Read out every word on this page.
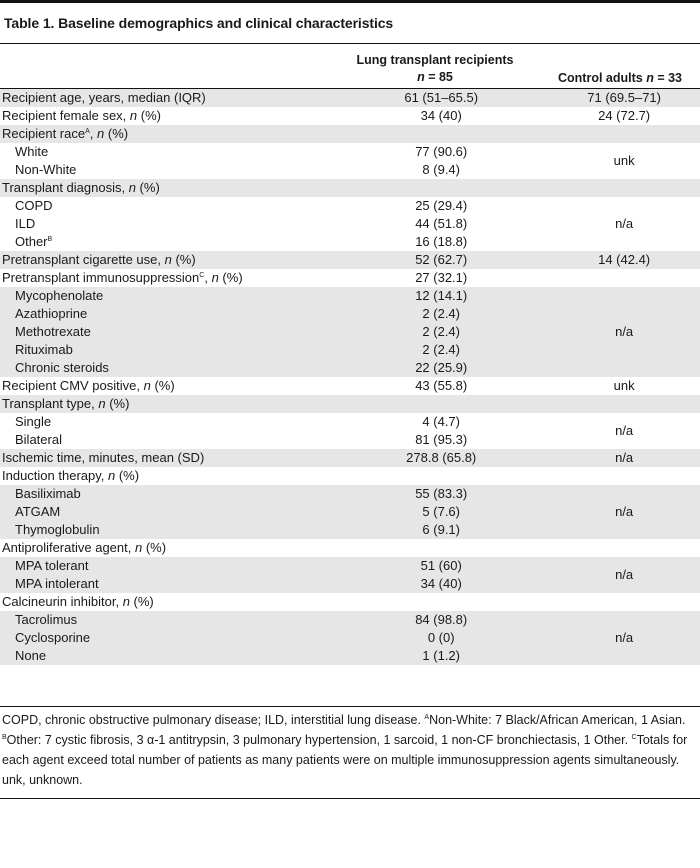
Table 1. Baseline demographics and clinical characteristics
Lung transplant recipients
n = 85	Control adults n = 33
Recipient age, years, median (IQR)	61 (51–65.5)	71 (69.5–71)
Recipient female sex, n (%)	34 (40)	24 (72.7)
Recipient race$^A$, n (%)		
White	77 (90.6)	unk
Non-White	8 (9.4)	
Transplant diagnosis, n (%)		
COPD	25 (29.4)	n/a
ILD	44 (51.8)	
Other$^B$	16 (18.8)	
Pretransplant cigarette use, n (%)	52 (62.7)	14 (42.4)
Pretransplant immunosuppression$^C$, n (%)	27 (32.1)	
Mycophenolate	12 (14.1)	n/a
Azathioprine	2 (2.4)	
Methotrexate	2 (2.4)	
Rituximab	2 (2.4)	
Chronic steroids	22 (25.9)	
Recipient CMV positive, n (%)	43 (55.8)	unk
Transplant type, n (%)		
Single	4 (4.7)	n/a
Bilateral	81 (95.3)	
Ischemic time, minutes, mean (SD)	278.8 (65.8)	n/a
Induction therapy, n (%)		
Basiliximab	55 (83.3)	n/a
ATGAM	5 (7.6)	
Thymoglobulin	6 (9.1)	
Antiproliferative agent, n (%)		
MPA tolerant	51 (60)	n/a
MPA intolerant	34 (40)	
Calcineurin inhibitor, n (%)		
Tacrolimus	84 (98.8)	n/a
Cyclosporine	0 (0)	
None	1 (1.2)	
COPD, chronic obstructive pulmonary disease; ILD, interstitial lung disease. $^A$Non-White: 7 Black/African American, 1 Asian. $^B$Other: 7 cystic fibrosis, 3 α-1 antitrypsin, 3 pulmonary hypertension, 1 sarcoid, 1 non-CF bronchiectasis, 1 Other. $^C$Totals for each agent exceed total number of patients as many patients were on multiple immunosuppression agents simultaneously. unk, unknown.
